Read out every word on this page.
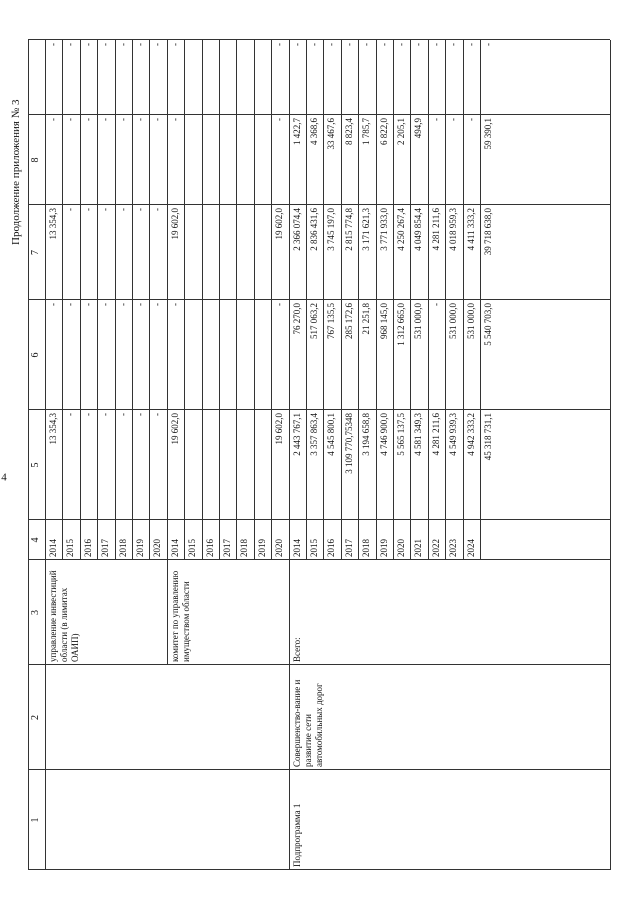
4
Продолжение приложения № 3
1
2
3
4
5
6
7
8
управление инвестиций области (в лимитах ОАИП)
2014
13 354,3
-
13 354,3
-
-
2015
-
-
-
-
-
2016
-
-
-
-
-
2017
-
-
-
-
-
2018
-
-
-
-
-
2019
-
-
-
-
-
2020
-
-
-
-
-
комитет по управлению имуществом области
2014
19 602,0
-
19 602,0
-
-
2015 2016 2017 2018 2019 2020
19 602,0
-
19 602,0
-
-
Подпрограмма 1
Совершенство-вание и развитие сети автомобильных дорог
Всего:
2014
2 443 767,1
76 270,0
2 366 074,4
1 422,7
-
2015
3 357 863,4
517 063,2
2 836 431,6
4 368,6
-
2016
4 545 800,1
767 135,5
3 745 197,0
33 467,6
-
2017
3 109 770,75348
285 172,6
2 815 774,8
8 823,4
-
2018
3 194 658,8
21 251,8
3 171 621,3
1 785,7
-
2019
4 746 900,0
968 145,0
3 771 933,0
6 822,0
-
2020
5 565 137,5
1 312 665,0
4 250 267,4
2 205,1
-
2021
4 581 349,3
531 000,0
4 049 854,4
494,9
-
2022
4 281 211,6
-
4 281 211,6
-
-
2023
4 549 939,3
531 000,0
4 018 959,3
-
-
2024
4 942 333,2
531 000,0
4 411 333,2
-
-
45 318 731,1
5 540 703,0
39 718 638,0
59 390,1
-
